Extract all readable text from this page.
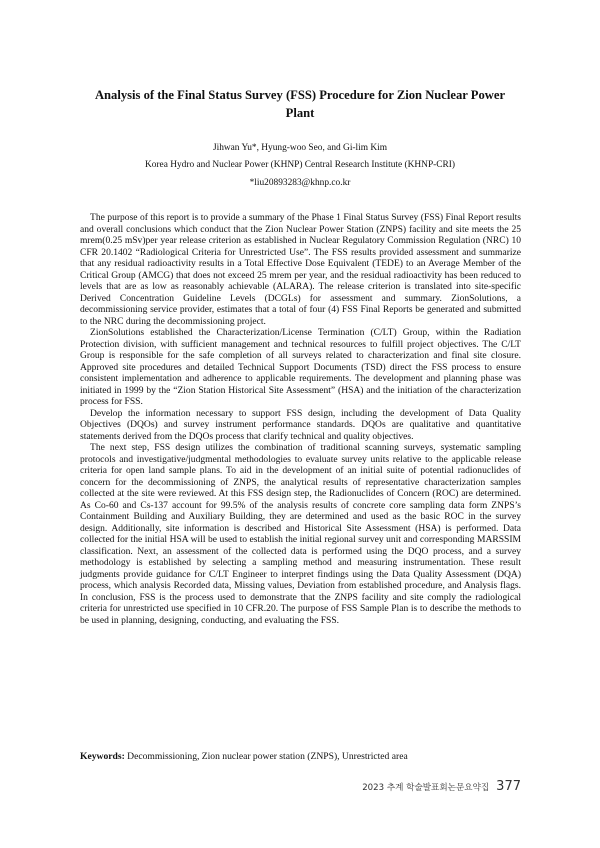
Analysis of the Final Status Survey (FSS) Procedure for Zion Nuclear Power Plant
Jihwan Yu*, Hyung-woo Seo, and Gi-lim Kim
Korea Hydro and Nuclear Power (KHNP) Central Research Institute (KHNP-CRI)
*liu20893283@khnp.co.kr

The purpose of this report is to provide a summary of the Phase 1 Final Status Survey (FSS) Final Report results and overall conclusions which conduct that the Zion Nuclear Power Station (ZNPS) facility and site meets the 25 mrem(0.25 mSv)per year release criterion as established in Nuclear Regulatory Commission Regulation (NRC) 10 CFR 20.1402 “Radiological Criteria for Unrestricted Use”. The FSS results provided assessment and summarize that any residual radioactivity results in a Total Effective Dose Equivalent (TEDE) to an Average Member of the Critical Group (AMCG) that does not exceed 25 mrem per year, and the residual radioactivity has been reduced to levels that are as low as reasonably achievable (ALARA). The release criterion is translated into site-specific Derived Concentration Guideline Levels (DCGLs) for assessment and summary. ZionSolutions, a decommissioning service provider, estimates that a total of four (4) FSS Final Reports be generated and submitted to the NRC during the decommissioning project.

ZionSolutions established the Characterization/License Termination (C/LT) Group, within the Radiation Protection division, with sufficient management and technical resources to fulfill project objectives. The C/LT Group is responsible for the safe completion of all surveys related to characterization and final site closure. Approved site procedures and detailed Technical Support Documents (TSD) direct the FSS process to ensure consistent implementation and adherence to applicable requirements. The development and planning phase was initiated in 1999 by the “Zion Station Historical Site Assessment” (HSA) and the initiation of the characterization process for FSS.

Develop the information necessary to support FSS design, including the development of Data Quality Objectives (DQOs) and survey instrument performance standards. DQOs are qualitative and quantitative statements derived from the DQOs process that clarify technical and quality objectives.

The next step, FSS design utilizes the combination of traditional scanning surveys, systematic sampling protocols and investigative/judgmental methodologies to evaluate survey units relative to the applicable release criteria for open land sample plans. To aid in the development of an initial suite of potential radionuclides of concern for the decommissioning of ZNPS, the analytical results of representative characterization samples collected at the site were reviewed. At this FSS design step, the Radionuclides of Concern (ROC) are determined. As Co-60 and Cs-137 account for 99.5% of the analysis results of concrete core sampling data form ZNPS’s Containment Building and Auxiliary Building, they are determined and used as the basic ROC in the survey design. Additionally, site information is described and Historical Site Assessment (HSA) is performed. Data collected for the initial HSA will be used to establish the initial regional survey unit and corresponding MARSSIM classification. Next, an assessment of the collected data is performed using the DQO process, and a survey methodology is established by selecting a sampling method and measuring instrumentation. These result judgments provide guidance for C/LT Engineer to interpret findings using the Data Quality Assessment (DQA) process, which analysis Recorded data, Missing values, Deviation from established procedure, and Analysis flags. In conclusion, FSS is the process used to demonstrate that the ZNPS facility and site comply the radiological criteria for unrestricted use specified in 10 CFR.20. The purpose of FSS Sample Plan is to describe the methods to be used in planning, designing, conducting, and evaluating the FSS.

Keywords: Decommissioning, Zion nuclear power station (ZNPS), Unrestricted area
2023 추계 학술발표회논문요약집 377
